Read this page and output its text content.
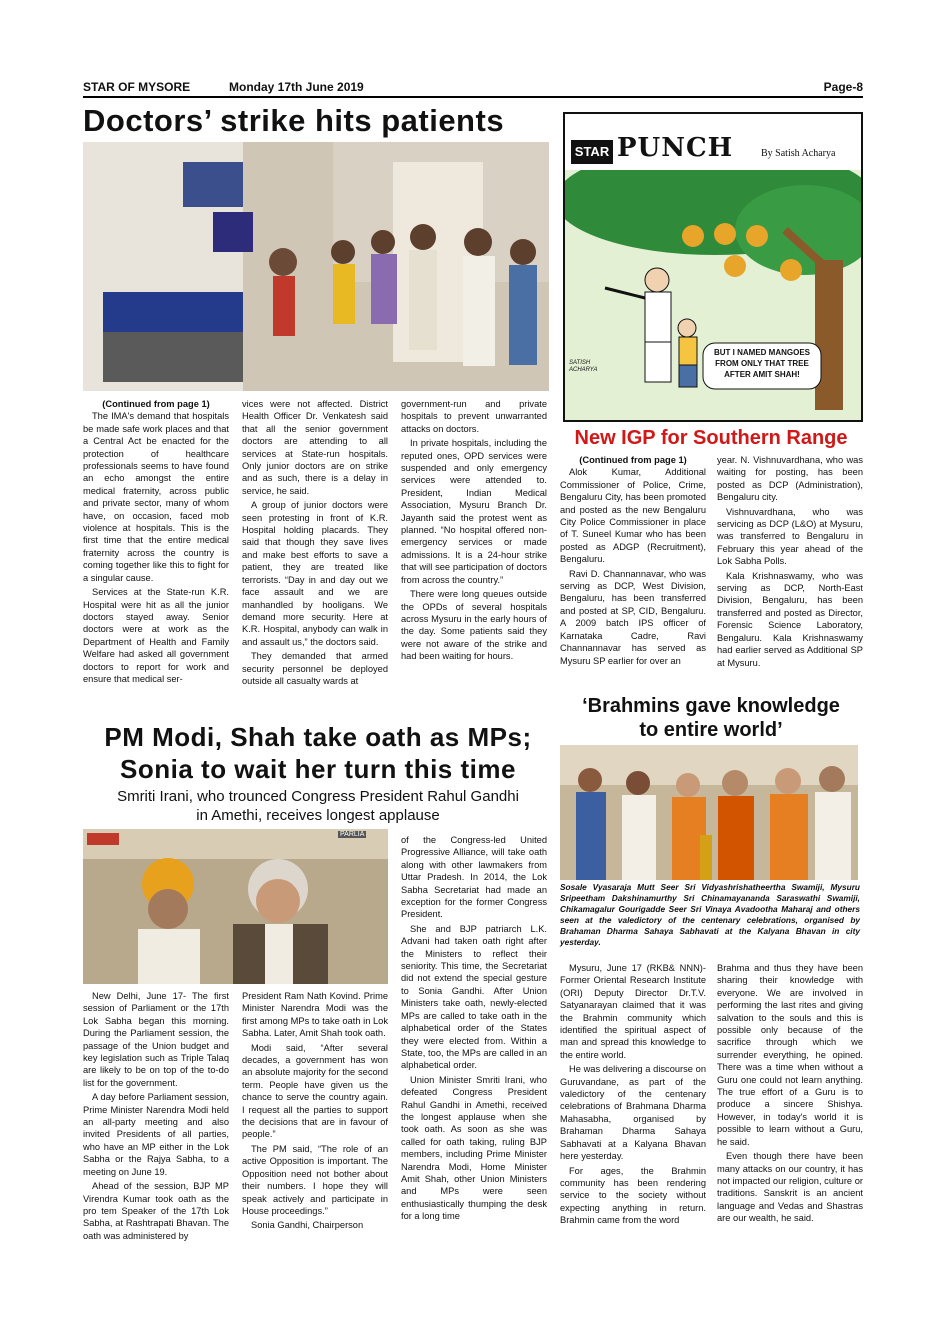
STAR OF MYSORE	Monday 17th June 2019	Page-8
Doctors’ strike hits patients
(Continued from page 1)

The IMA's demand that hospitals be made safe work places and that a Central Act be enacted for the protection of healthcare professionals seems to have found an echo amongst the entire medical fraternity, across public and private sector, many of whom have, on occasion, faced mob violence at hospitals. This is the first time that the entire medical fraternity across the country is coming together like this to fight for a singular cause.

Services at the State-run K.R. Hospital were hit as all the junior doctors stayed away. Senior doctors were at work as the Department of Health and Family Welfare had asked all government doctors to report for work and ensure that medical ser-

vices were not affected. District Health Officer Dr. Venkatesh said that all the senior government doctors are attending to all services at State-run hospitals. Only junior doctors are on strike and as such, there is a delay in service, he said.

A group of junior doctors were seen protesting in front of K.R. Hospital holding placards. They said that though they save lives and make best efforts to save a patient, they are treated like terrorists. “Day in and day out we face assault and we are manhandled by hooligans. We demand more security. Here at K.R. Hospital, anybody can walk in and assault us,” the doctors said.

They demanded that armed security personnel be deployed outside all casualty wards at

government-run and private hospitals to prevent unwarranted attacks on doctors.

In private hospitals, including the reputed ones, OPD services were suspended and only emergency services were attended to. President, Indian Medical Association, Mysuru Branch Dr. Jayanth said the protest went as planned. “No hospital offered non-emergency services or made admissions. It is a 24-hour strike that will see participation of doctors from across the country.”

There were long queues outside the OPDs of several hospitals across Mysuru in the early hours of the day. Some patients said they were not aware of the strike and had been waiting for hours.

STAR PUNCH	By Satish Acharya
BUT I NAMED MANGOES FROM ONLY THAT TREE AFTER AMIT SHAH!
SATISH ACHARYA
New IGP for Southern Range
(Continued from page 1)

Alok Kumar, Additional Commissioner of Police, Crime, Bengaluru City, has been promoted and posted as the new Bengaluru City Police Commissioner in place of T. Suneel Kumar who has been posted as ADGP (Recruitment), Bengaluru.

Ravi D. Channannavar, who was serving as DCP, West Division, Bengaluru, has been transferred and posted at SP, CID, Bengaluru. A 2009 batch IPS officer of Karnataka Cadre, Ravi Channannavar has served as Mysuru SP earlier for over an

year. N. Vishnuvardhana, who was waiting for posting, has been posted as DCP (Administration), Bengaluru city.

Vishnuvardhana, who was servicing as DCP (L&O) at Mysuru, was transferred to Bengaluru in February this year ahead of the Lok Sabha Polls.

Kala Krishnaswamy, who was serving as DCP, North-East Division, Bengaluru, has been transferred and posted as Director, Forensic Science Laboratory, Bengaluru. Kala Krishnaswamy had earlier served as Additional SP at Mysuru.

PM Modi, Shah take oath as MPs;
Sonia to wait her turn this time
Smriti Irani, who trounced Congress President Rahul Gandhi
in Amethi, receives longest applause
PARLIA

of the Congress-led United Progressive Alliance, will take oath along with other lawmakers from Uttar Pradesh. In 2014, the Lok Sabha Secretariat had made an exception for the former Congress President.

She and BJP patriarch L.K. Advani had taken oath right after the Ministers to reflect their seniority. This time, the Secretariat did not extend the special gesture to Sonia Gandhi. After Union Ministers take oath, newly-elected MPs are called to take oath in the alphabetical order of the States they were elected from. Within a State, too, the MPs are called in an alphabetical order.

Union Minister Smriti Irani, who defeated Congress President Rahul Gandhi in Amethi, received the longest applause when she took oath. As soon as she was called for oath taking, ruling BJP members, including Prime Minister Narendra Modi, Home Minister Amit Shah, other Union Ministers and MPs were seen enthusiastically thumping the desk for a long time

New Delhi, June 17- The first session of Parliament or the 17th Lok Sabha began this morning. During the Parliament session, the passage of the Union budget and key legislation such as Triple Talaq are likely to be on top of the to-do list for the government.

A day before Parliament session, Prime Minister Narendra Modi held an all-party meeting and also invited Presidents of all parties, who have an MP either in the Lok Sabha or the Rajya Sabha, to a meeting on June 19.

Ahead of the session, BJP MP Virendra Kumar took oath as the pro tem Speaker of the 17th Lok Sabha, at Rashtrapati Bhavan. The oath was administered by

President Ram Nath Kovind. Prime Minister Narendra Modi was the first among MPs to take oath in Lok Sabha. Later, Amit Shah took oath.

Modi said, “After several decades, a government has won an absolute majority for the second term. People have given us the chance to serve the country again. I request all the parties to support the decisions that are in favour of people.”

The PM said, “The role of an active Opposition is important. The Opposition need not bother about their numbers. I hope they will speak actively and participate in House proceedings.”

Sonia Gandhi, Chairperson

‘Brahmins gave knowledge
to entire world’
Sosale Vyasaraja Mutt Seer Sri Vidyashrishatheertha Swamiji, Mysuru Sripeetham Dakshinamurthy Sri Chinamayananda Saraswathi Swamiji, Chikamagalur Gourigadde Seer Sri Vinaya Avadootha Maharaj and others seen at the valedictory of the centenary celebrations, organised by Brahaman Dharma Sahaya Sabhavati at the Kalyana Bhavan in city yesterday.

Mysuru, June 17 (RKB& NNN)- Former Oriental Research Institute (ORI) Deputy Director Dr.T.V. Satyanarayan claimed that it was the Brahmin community which identified the spiritual aspect of man and spread this knowledge to the entire world.

He was delivering a discourse on Guruvandane, as part of the valedictory of the centenary celebrations of Brahmana Dharma Mahasabha, organised by Brahaman Dharma Sahaya Sabhavati at a Kalyana Bhavan here yesterday.

For ages, the Brahmin community has been rendering service to the society without expecting anything in return. Brahmin came from the word

Brahma and thus they have been sharing their knowledge with everyone. We are involved in performing the last rites and giving salvation to the souls and this is possible only because of the sacrifice through which we surrender everything, he opined. There was a time when without a Guru one could not learn anything. The true effort of a Guru is to produce a sincere Shishya. However, in today's world it is possible to learn without a Guru, he said.

Even though there have been many attacks on our country, it has not impacted our religion, culture or traditions. Sanskrit is an ancient language and Vedas and Shastras are our wealth, he said.
